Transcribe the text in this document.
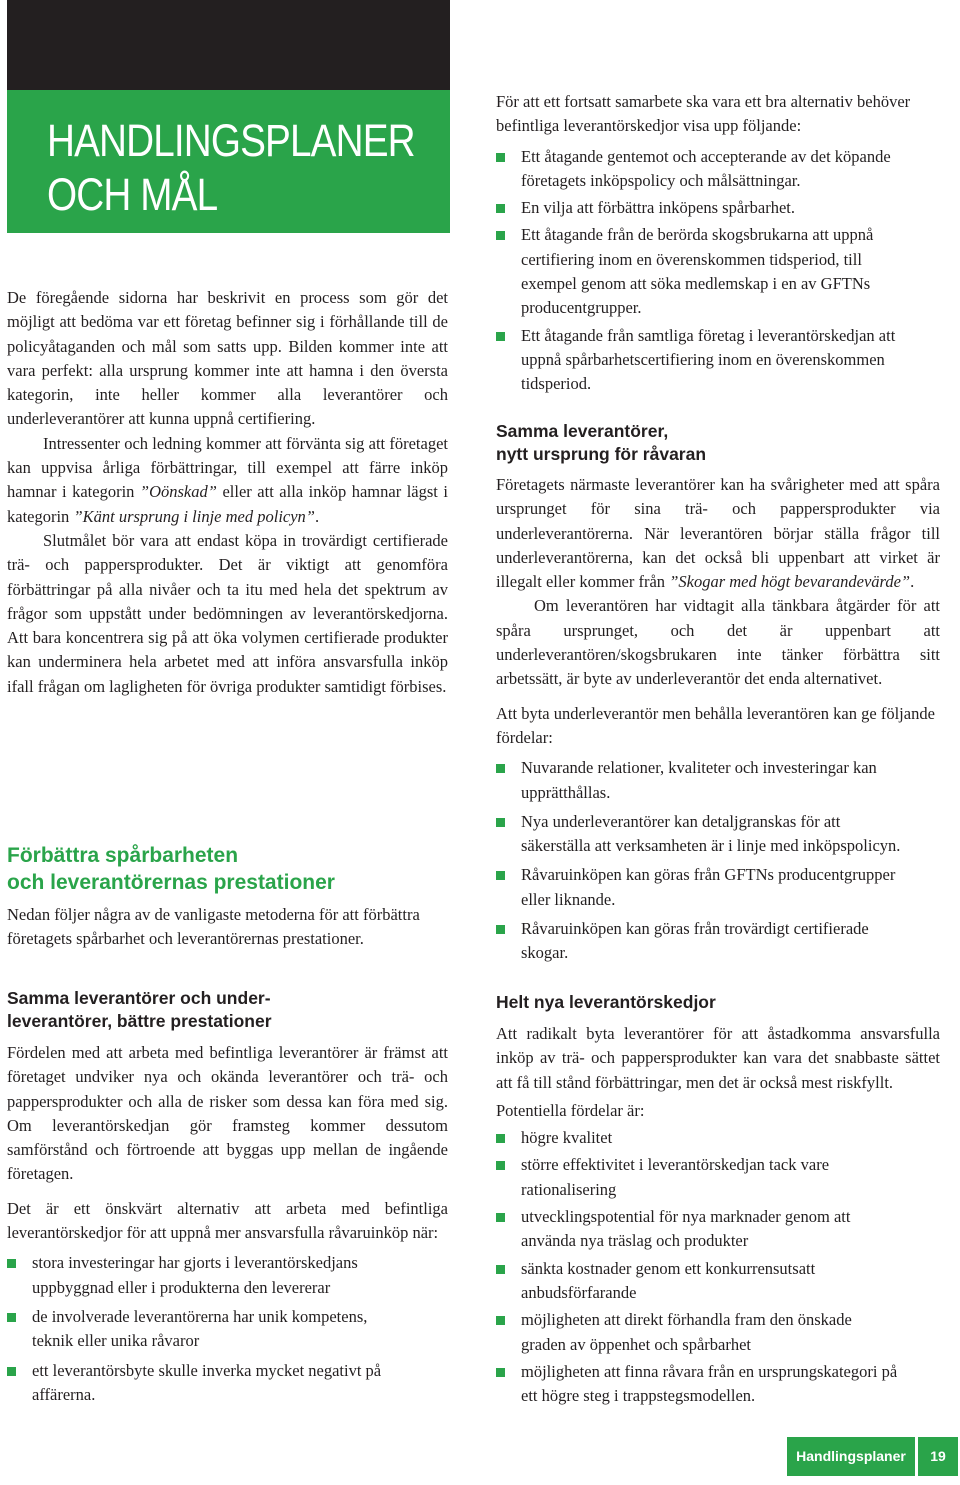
HANDLINGSPLANER
OCH MÅL

De föregående sidorna har beskrivit en process som gör det möjligt att bedöma var ett företag befinner sig i förhållande till de policyåtaganden och mål som satts upp. Bilden kommer inte att vara perfekt: alla ursprung kommer inte att hamna i den översta kategorin, inte heller kommer alla leverantörer och underleverantörer att kunna uppnå certifiering.

Intressenter och ledning kommer att förvänta sig att företaget kan uppvisa årliga förbättringar, till exempel att färre inköp hamnar i kategorin ”Oönskad” eller att alla inköp hamnar lägst i kategorin ”Känt ursprung i linje med policyn”.

Slutmålet bör vara att endast köpa in trovärdigt certifierade trä- och pappersprodukter. Det är viktigt att genomföra förbättringar på alla nivåer och ta itu med hela det spektrum av frågor som uppstått under bedömningen av leverantörskedjorna. Att bara koncentrera sig på att öka volymen certifierade produkter kan underminera hela arbetet med att införa ansvarsfulla inköp ifall frågan om lagligheten för övriga produkter samtidigt förbises.

Förbättra spårbarheten
och leverantörernas prestationer

Nedan följer några av de vanligaste metoderna för att förbättra företagets spårbarhet och leverantörernas prestationer.

Samma leverantörer och under-
leverantörer, bättre prestationer

Fördelen med att arbeta med befintliga leverantörer är främst att företaget undviker nya och okända leverantörer och trä- och pappersprodukter och alla de risker som dessa kan föra med sig. Om leverantörskedjan gör framsteg kommer dessutom samförstånd och förtroende att byggas upp mellan de ingående företagen.

Det är ett önskvärt alternativ att arbeta med befintliga leverantörskedjor för att uppnå mer ansvarsfulla råvaruinköp när:

stora investeringar har gjorts i leverantörskedjans uppbyggnad eller i produkterna den levererar
de involverade leverantörerna har unik kompetens, teknik eller unika råvaror
ett leverantörsbyte skulle inverka mycket negativt på affärerna.

För att ett fortsatt samarbete ska vara ett bra alternativ behöver befintliga leverantörskedjor visa upp följande:

Ett åtagande gentemot och accepterande av det köpande företagets inköpspolicy och målsättningar.
En vilja att förbättra inköpens spårbarhet.
Ett åtagande från de berörda skogsbrukarna att uppnå certifiering inom en överenskommen tidsperiod, till exempel genom att söka medlemskap i en av GFTNs producentgrupper.
Ett åtagande från samtliga företag i leverantörskedjan att uppnå spårbarhetscertifiering inom en överenskommen tidsperiod.
Samma leverantörer,
nytt ursprung för råvaran

Företagets närmaste leverantörer kan ha svårigheter med att spåra ursprunget för sina trä- och pappersprodukter via underleverantörerna. När leverantören börjar ställa frågor till underleverantörerna, kan det också bli uppenbart att virket är illegalt eller kommer från ”Skogar med högt bevarandevärde”.

Om leverantören har vidtagit alla tänkbara åtgärder för att spåra ursprunget, och det är uppenbart att underleverantören/skogsbrukaren inte tänker förbättra sitt arbetssätt, är byte av underleverantör det enda alternativet.

Att byta underleverantör men behålla leverantören kan ge följande fördelar:

Nuvarande relationer, kvaliteter och investeringar kan upprätthållas.
Nya underleverantörer kan detaljgranskas för att säkerställa att verksamheten är i linje med inköpspolicyn.
Råvaruinköpen kan göras från GFTNs producentgrupper eller liknande.
Råvaruinköpen kan göras från trovärdigt certifierade skogar.
Helt nya leverantörskedjor

Att radikalt byta leverantörer för att åstadkomma ansvarsfulla inköp av trä- och pappersprodukter kan vara det snabbaste sättet att få till stånd förbättringar, men det är också mest riskfyllt.

Potentiella fördelar är:

högre kvalitet
större effektivitet i leverantörskedjan tack vare rationalisering
utvecklingspotential för nya marknader genom att använda nya träslag och produkter
sänkta kostnader genom ett konkurrensutsatt anbudsförfarande
möjligheten att direkt förhandla fram den önskade graden av öppenhet och spårbarhet
möjligheten att finna råvara från en ursprungskategori på ett högre steg i trappstegsmodellen.
Handlingsplaner	19
